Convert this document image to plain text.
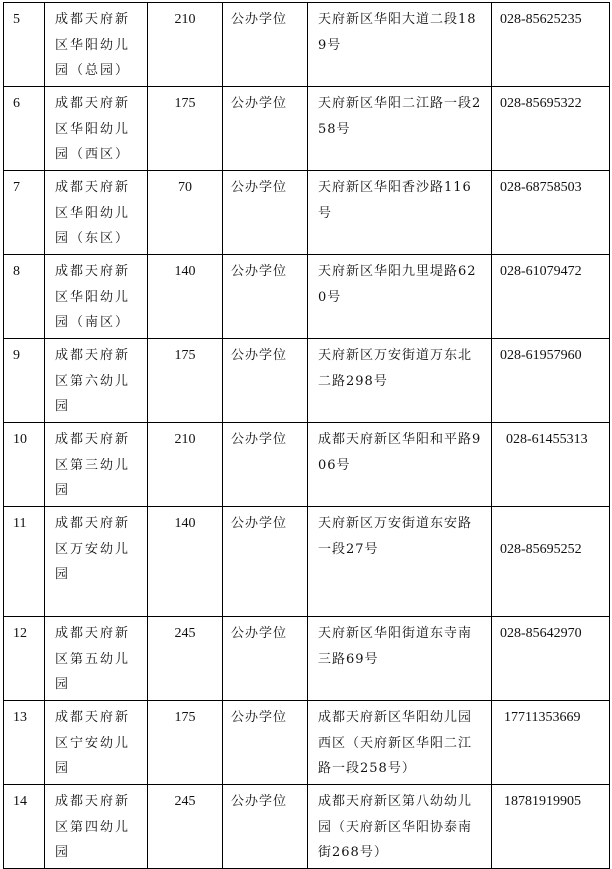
5	成都天府新区华阳幼儿园（总园）	210	公办学位	天府新区华阳大道二段189号	028-85625235
6	成都天府新区华阳幼儿园（西区）	175	公办学位	天府新区华阳二江路一段258号	028-85695322
7	成都天府新区华阳幼儿园（东区）	70	公办学位	天府新区华阳香沙路116号	028-68758503
8	成都天府新区华阳幼儿园（南区）	140	公办学位	天府新区华阳九里堤路620号	028-61079472
9	成都天府新区第六幼儿园	175	公办学位	天府新区万安街道万东北二路298号	028-61957960
10	成都天府新区第三幼儿园	210	公办学位	成都天府新区华阳和平路906号	028-61455313
11	成都天府新区万安幼儿园	140	公办学位	天府新区万安街道东安路一段27号	028-85695252
12	成都天府新区第五幼儿园	245	公办学位	天府新区华阳街道东寺南三路69号	028-85642970
13	成都天府新区宁安幼儿园	175	公办学位	成都天府新区华阳幼儿园西区（天府新区华阳二江路一段258号）	17711353669
14	成都天府新区第四幼儿园	245	公办学位	成都天府新区第八幼幼儿园（天府新区华阳协泰南街268号）	18781919905
